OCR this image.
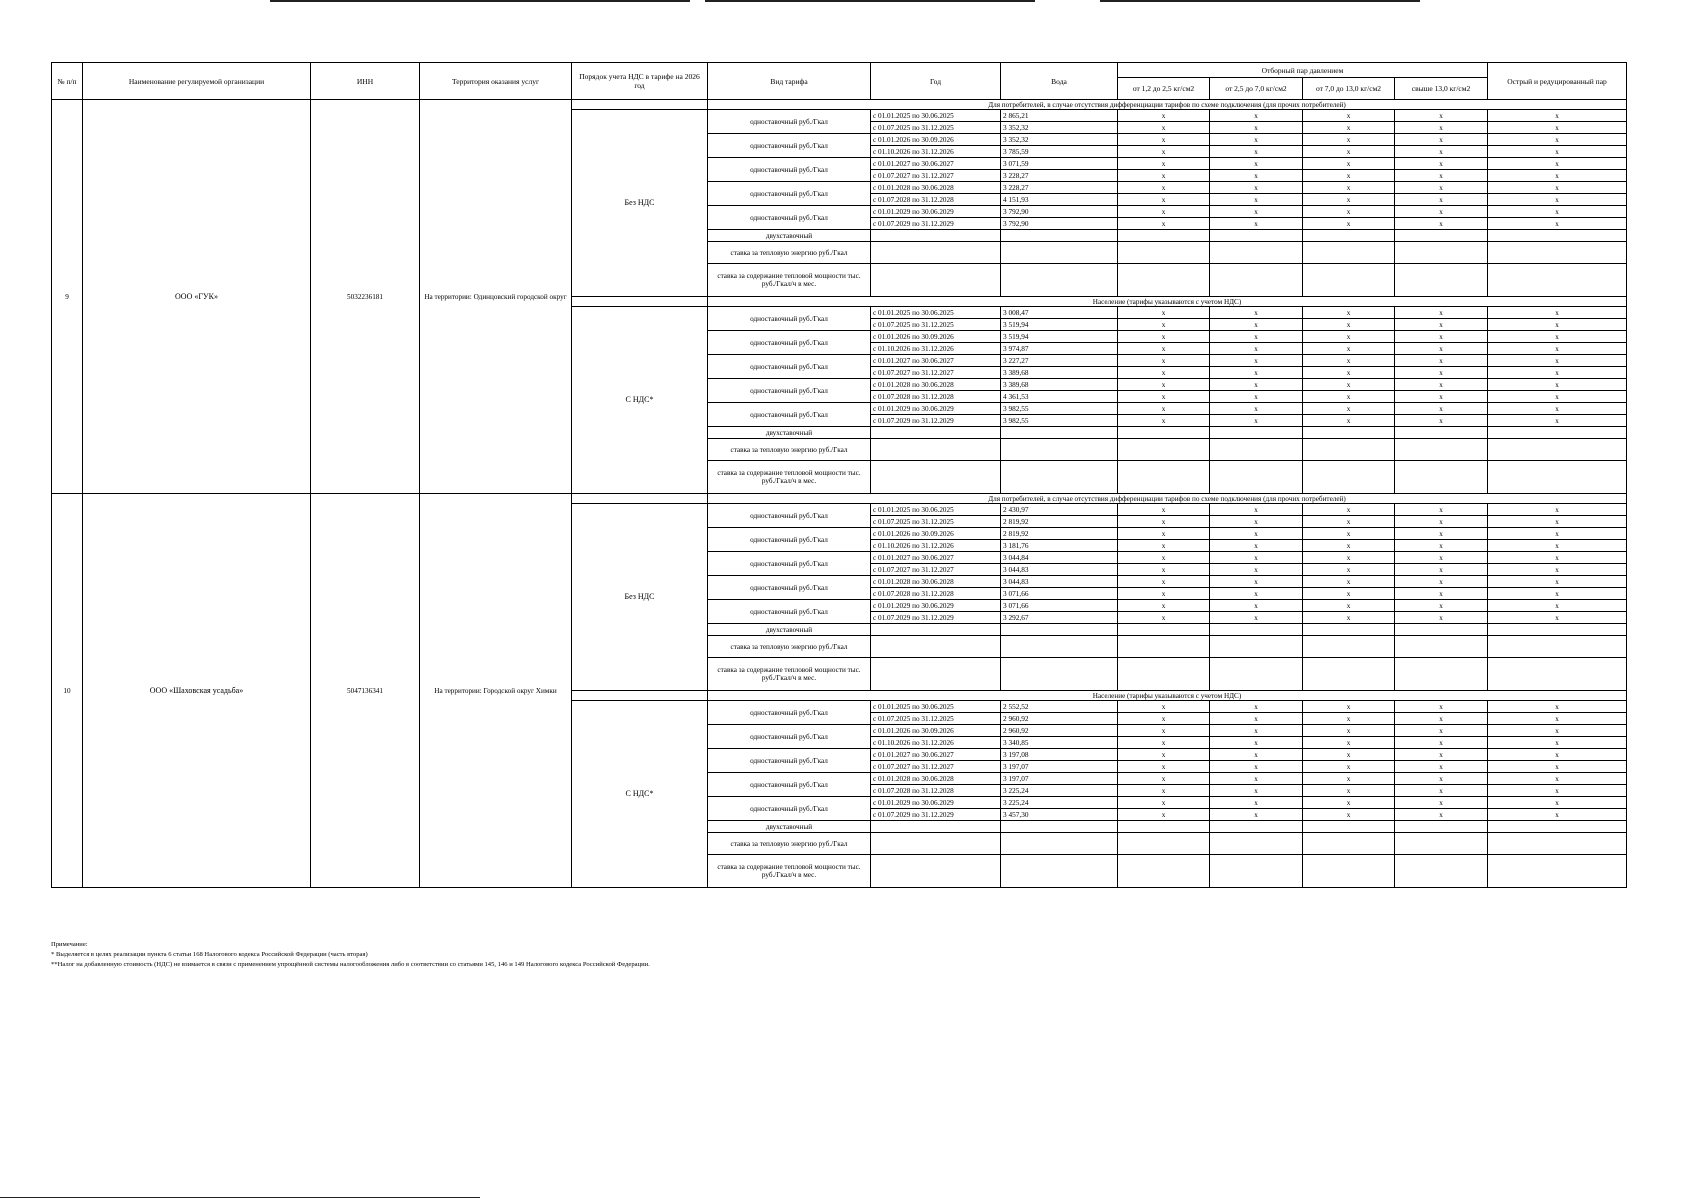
№ п/п	Наименование регулируемой организации	ИНН	Территория оказания услуг	Порядок учета НДС в тарифе на 2026 год	Вид тарифа	Год	Вода	Отборный пар давлением				Острый и редуцированный пар
								от 1,2 до 2,5 кг/см2	от 2,5 до 7,0 кг/см2	от 7,0 до 13,0 кг/см2	свыше 13,0 кг/см2	
9	ООО «ГУК»	5032236181	На территории: Одинцовский городской округ		Для потребителей, в случае отсутствия дифференциации тарифов по схеме подключения (для прочих потребителей)							

				Без НДС	одноставочный руб./Гкал	с 01.01.2025 по 30.06.2025	2 865,21	x	x	x	x	x
						с 01.07.2025 по 31.12.2025	3 352,32	x	x	x	x	x
					одноставочный руб./Гкал	с 01.01.2026 по 30.09.2026	3 352,32	x	x	x	x	x
						с 01.10.2026 по 31.12.2026	3 785,59	x	x	x	x	x
					одноставочный руб./Гкал	с 01.01.2027 по 30.06.2027	3 071,59	x	x	x	x	x
						с 01.07.2027 по 31.12.2027	3 228,27	x	x	x	x	x
					одноставочный руб./Гкал	с 01.01.2028 по 30.06.2028	3 228,27	x	x	x	x	x
						с 01.07.2028 по 31.12.2028	4 151,93	x	x	x	x	x
					одноставочный руб./Гкал	с 01.01.2029 по 30.06.2029	3 792,90	x	x	x	x	x
						с 01.07.2029 по 31.12.2029	3 792,90	x	x	x	x	x
					двухставочный							
					ставка за тепловую энергию руб./Гкал							
					ставка за содержание тепловой мощности тыс. руб./Гкал/ч в мес.							
					Население (тарифы указываются с учетом НДС)							

				С НДС*	одноставочный руб./Гкал	с 01.01.2025 по 30.06.2025	3 008,47	x	x	x	x	x
						с 01.07.2025 по 31.12.2025	3 519,94	x	x	x	x	x
					одноставочный руб./Гкал	с 01.01.2026 по 30.09.2026	3 519,94	x	x	x	x	x
						с 01.10.2026 по 31.12.2026	3 974,87	x	x	x	x	x
					одноставочный руб./Гкал	с 01.01.2027 по 30.06.2027	3 227,27	x	x	x	x	x
						с 01.07.2027 по 31.12.2027	3 389,68	x	x	x	x	x
					одноставочный руб./Гкал	с 01.01.2028 по 30.06.2028	3 389,68	x	x	x	x	x
						с 01.07.2028 по 31.12.2028	4 361,53	x	x	x	x	x
					одноставочный руб./Гкал	с 01.01.2029 по 30.06.2029	3 982,55	x	x	x	x	x
						с 01.07.2029 по 31.12.2029	3 982,55	x	x	x	x	x
					двухставочный							
					ставка за тепловую энергию руб./Гкал							
					ставка за содержание тепловой мощности тыс. руб./Гкал/ч в мес.							
10	ООО «Шаховская усадьба»	5047136341	На территории: Городской округ Химки		Для потребителей, в случае отсутствия дифференциации тарифов по схеме подключения (для прочих потребителей)							

				Без НДС	одноставочный руб./Гкал	с 01.01.2025 по 30.06.2025	2 430,97	x	x	x	x	x
						с 01.07.2025 по 31.12.2025	2 819,92	x	x	x	x	x
					одноставочный руб./Гкал	с 01.01.2026 по 30.09.2026	2 819,92	x	x	x	x	x
						с 01.10.2026 по 31.12.2026	3 181,76	x	x	x	x	x
					одноставочный руб./Гкал	с 01.01.2027 по 30.06.2027	3 044,84	x	x	x	x	x
						с 01.07.2027 по 31.12.2027	3 044,83	x	x	x	x	x
					одноставочный руб./Гкал	с 01.01.2028 по 30.06.2028	3 044,83	x	x	x	x	x
						с 01.07.2028 по 31.12.2028	3 071,66	x	x	x	x	x
					одноставочный руб./Гкал	с 01.01.2029 по 30.06.2029	3 071,66	x	x	x	x	x
						с 01.07.2029 по 31.12.2029	3 292,67	x	x	x	x	x
					двухставочный							
					ставка за тепловую энергию руб./Гкал							
					ставка за содержание тепловой мощности тыс. руб./Гкал/ч в мес.							
					Население (тарифы указываются с учетом НДС)							

				С НДС*	одноставочный руб./Гкал	с 01.01.2025 по 30.06.2025	2 552,52	x	x	x	x	x
						с 01.07.2025 по 31.12.2025	2 960,92	x	x	x	x	x
					одноставочный руб./Гкал	с 01.01.2026 по 30.09.2026	2 960,92	x	x	x	x	x
						с 01.10.2026 по 31.12.2026	3 340,85	x	x	x	x	x
					одноставочный руб./Гкал	с 01.01.2027 по 30.06.2027	3 197,08	x	x	x	x	x
						с 01.07.2027 по 31.12.2027	3 197,07	x	x	x	x	x
					одноставочный руб./Гкал	с 01.01.2028 по 30.06.2028	3 197,07	x	x	x	x	x
						с 01.07.2028 по 31.12.2028	3 225,24	x	x	x	x	x
					одноставочный руб./Гкал	с 01.01.2029 по 30.06.2029	3 225,24	x	x	x	x	x
						с 01.07.2029 по 31.12.2029	3 457,30	x	x	x	x	x
					двухставочный							
					ставка за тепловую энергию руб./Гкал							
					ставка за содержание тепловой мощности тыс. руб./Гкал/ч в мес.							
Примечание:
* Выделяется в целях реализации пункта 6 статьи 168 Налогового кодекса Российской Федерации (часть вторая)
**Налог на добавленную стоимость (НДС) не взимается в связи с применением упрощённой системы налогообложения либо в соответствии со статьями 145, 146 и 149 Налогового кодекса Российской Федерации.
